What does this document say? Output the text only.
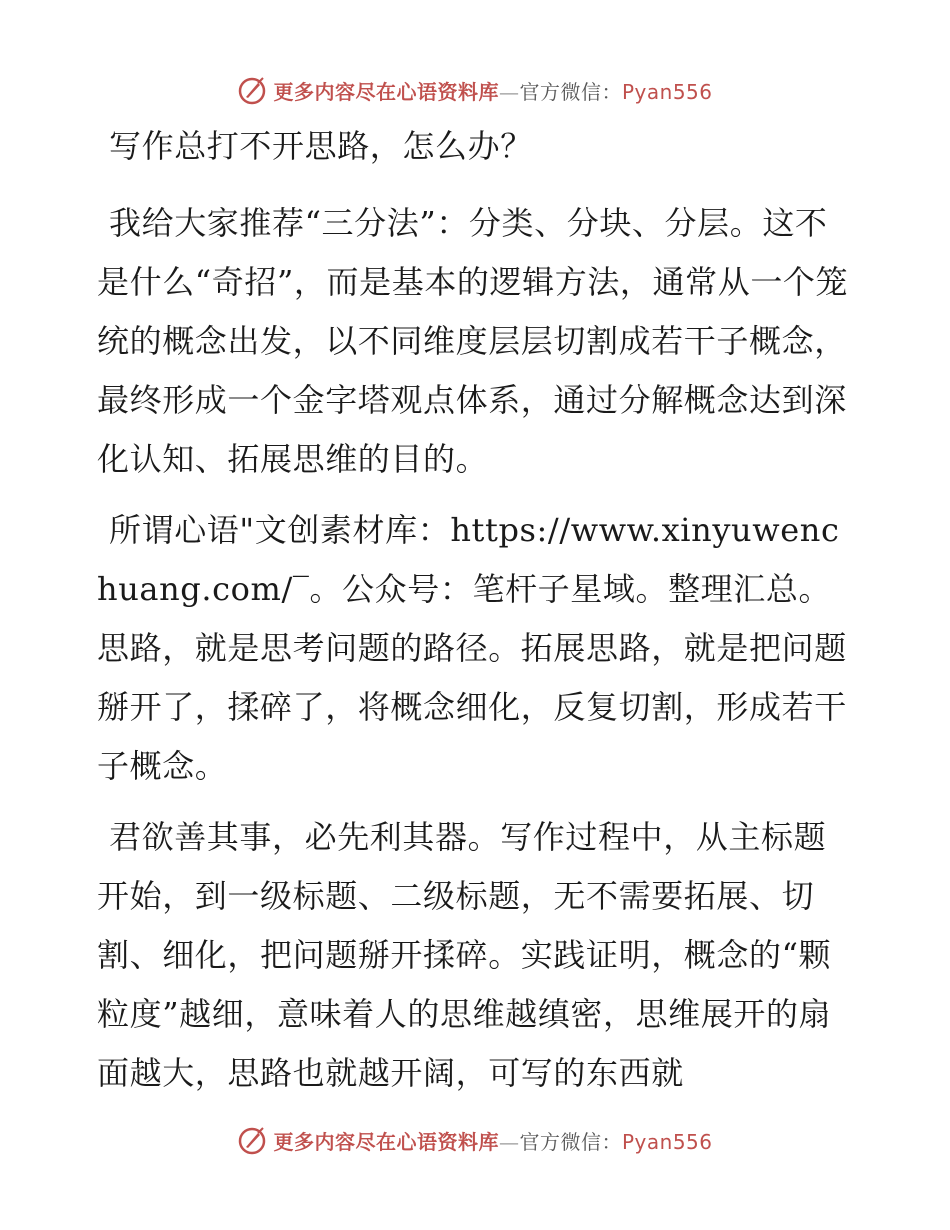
更多内容尽在心语资料库—官方微信：Pyan556

写作总打不开思路，怎么办？

我给大家推荐“三分法”：分类、分块、分层。这不是什么“奇招”，而是基本的逻辑方法，通常从一个笼统的概念出发，以不同维度层层切割成若干子概念，最终形成一个金字塔观点体系，通过分解概念达到深化认知、拓展思维的目的。

所谓心语"文创素材库：https://www.xinyuwenchuang.com/‾。公众号：笔杆子星域。整理汇总。思路，就是思考问题的路径。拓展思路，就是把问题掰开了，揉碎了，将概念细化，反复切割，形成若干子概念。

君欲善其事，必先利其器。写作过程中，从主标题开始，到一级标题、二级标题，无不需要拓展、切割、细化，把问题掰开揉碎。实践证明，概念的“颗粒度”越细，意味着人的思维越缜密，思维展开的扇面越大，思路也就越开阔，可写的东西就

更多内容尽在心语资料库—官方微信：Pyan556
